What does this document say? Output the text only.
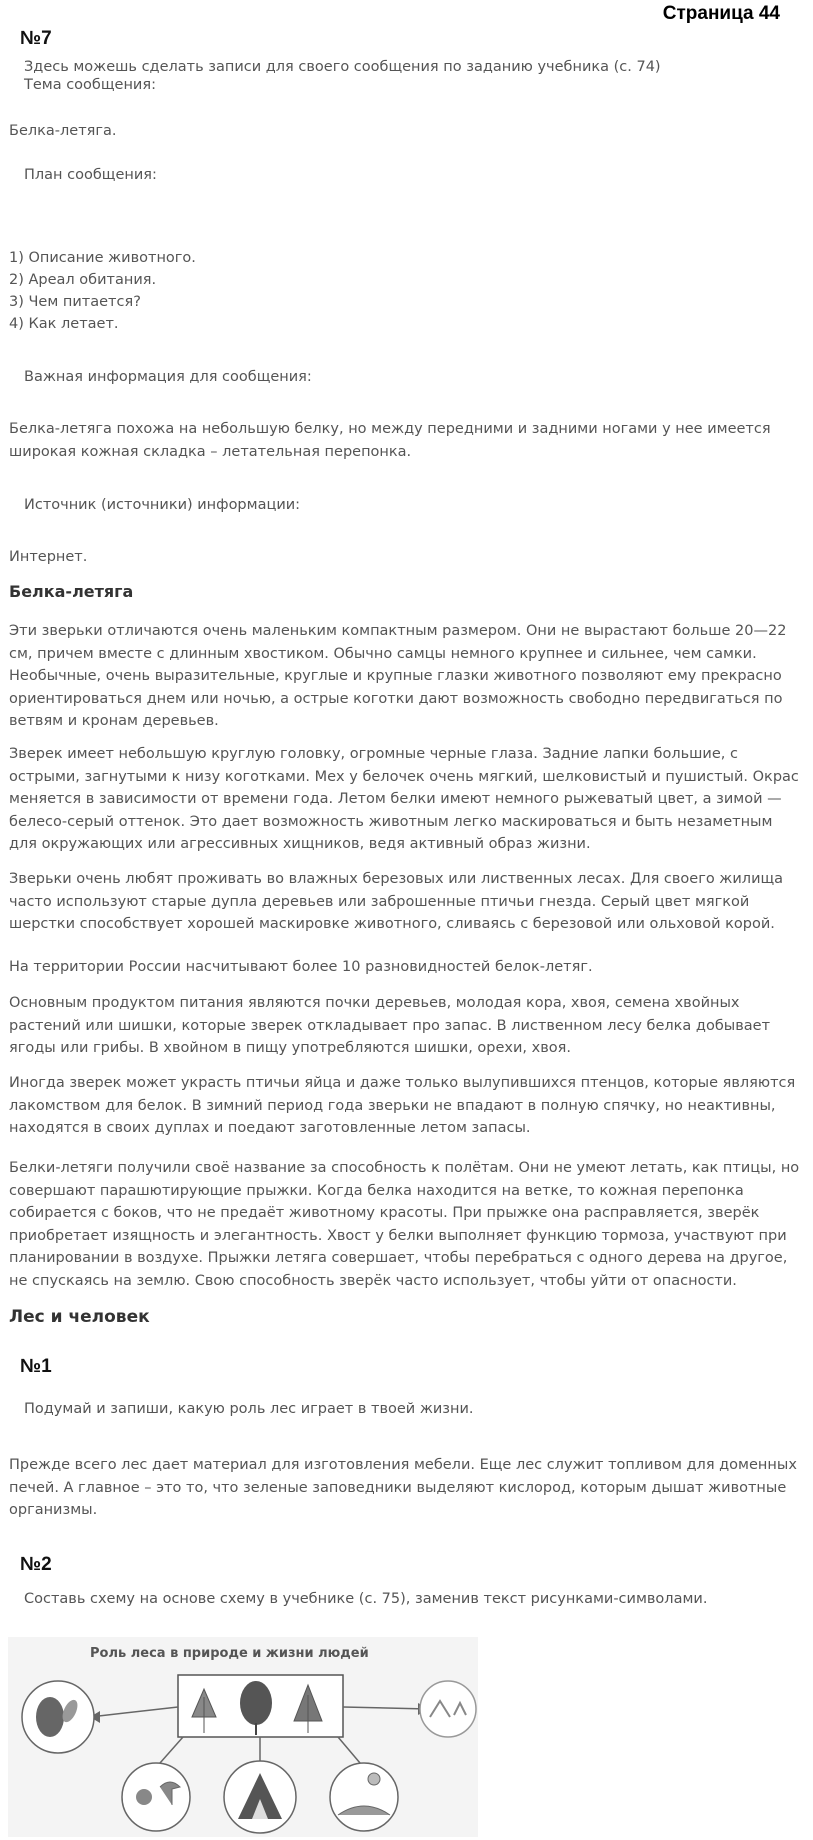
Страница 44
№7
Здесь можешь сделать записи для своего сообщения по заданию учебника (с. 74)
Тема сообщения:
Белка-летяга.
План сообщения:
1) Описание животного.
2) Ареал обитания.
3) Чем питается?
4) Как летает.
Важная информация для сообщения:
Белка-летяга похожа на небольшую белку, но между передними и задними ногами у нее имеется широкая кожная складка – летательная перепонка.
Источник (источники) информации:
Интернет.
Белка-летяга
Эти зверьки отличаются очень маленьким компактным размером. Они не вырастают больше 20—22 см, причем вместе с длинным хвостиком. Обычно самцы немного крупнее и сильнее, чем самки. Необычные, очень выразительные, круглые и крупные глазки животного позволяют ему прекрасно ориентироваться днем или ночью, а острые коготки дают возможность свободно передвигаться по ветвям и кронам деревьев.
Зверек имеет небольшую круглую головку, огромные черные глаза. Задние лапки большие, с острыми, загнутыми к низу коготками. Мех у белочек очень мягкий, шелковистый и пушистый. Окрас меняется в зависимости от времени года. Летом белки имеют немного рыжеватый цвет, а зимой — белесо-серый оттенок. Это дает возможность животным легко маскироваться и быть незаметным для окружающих или агрессивных хищников, ведя активный образ жизни.
Зверьки очень любят проживать во влажных березовых или лиственных лесах. Для своего жилища часто используют старые дупла деревьев или заброшенные птичьи гнезда. Серый цвет мягкой шерстки способствует хорошей маскировке животного, сливаясь с березовой или ольховой корой.
На территории России насчитывают более 10 разновидностей белок-летяг.
Основным продуктом питания являются почки деревьев, молодая кора, хвоя, семена хвойных растений или шишки, которые зверек откладывает про запас. В лиственном лесу белка добывает ягоды или грибы. В хвойном в пищу употребляются шишки, орехи, хвоя.
Иногда зверек может украсть птичьи яйца и даже только вылупившихся птенцов, которые являются лакомством для белок. В зимний период года зверьки не впадают в полную спячку, но неактивны, находятся в своих дуплах и поедают заготовленные летом запасы.
Белки-летяги получили своё название за способность к полётам. Они не умеют летать, как птицы, но совершают парашютирующие прыжки. Когда белка находится на ветке, то кожная перепонка собирается с боков, что не предаёт животному красоты. При прыжке она расправляется, зверёк приобретает изящность и элегантность. Хвост у белки выполняет функцию тормоза, участвуют при планировании в воздухе. Прыжки летяга совершает, чтобы перебраться с одного дерева на другое, не спускаясь на землю. Свою способность зверёк часто использует, чтобы уйти от опасности.
Лес и человек
№1
Подумай и запиши, какую роль лес играет в твоей жизни.
Прежде всего лес дает материал для изготовления мебели. Еще лес служит топливом для доменных печей. А главное – это то, что зеленые заповедники выделяют кислород, которым дышат животные организмы.
№2
Составь схему на основе схему в учебнике (с. 75), заменив текст рисунками-символами.
Роль леса в природе и жизни людей
